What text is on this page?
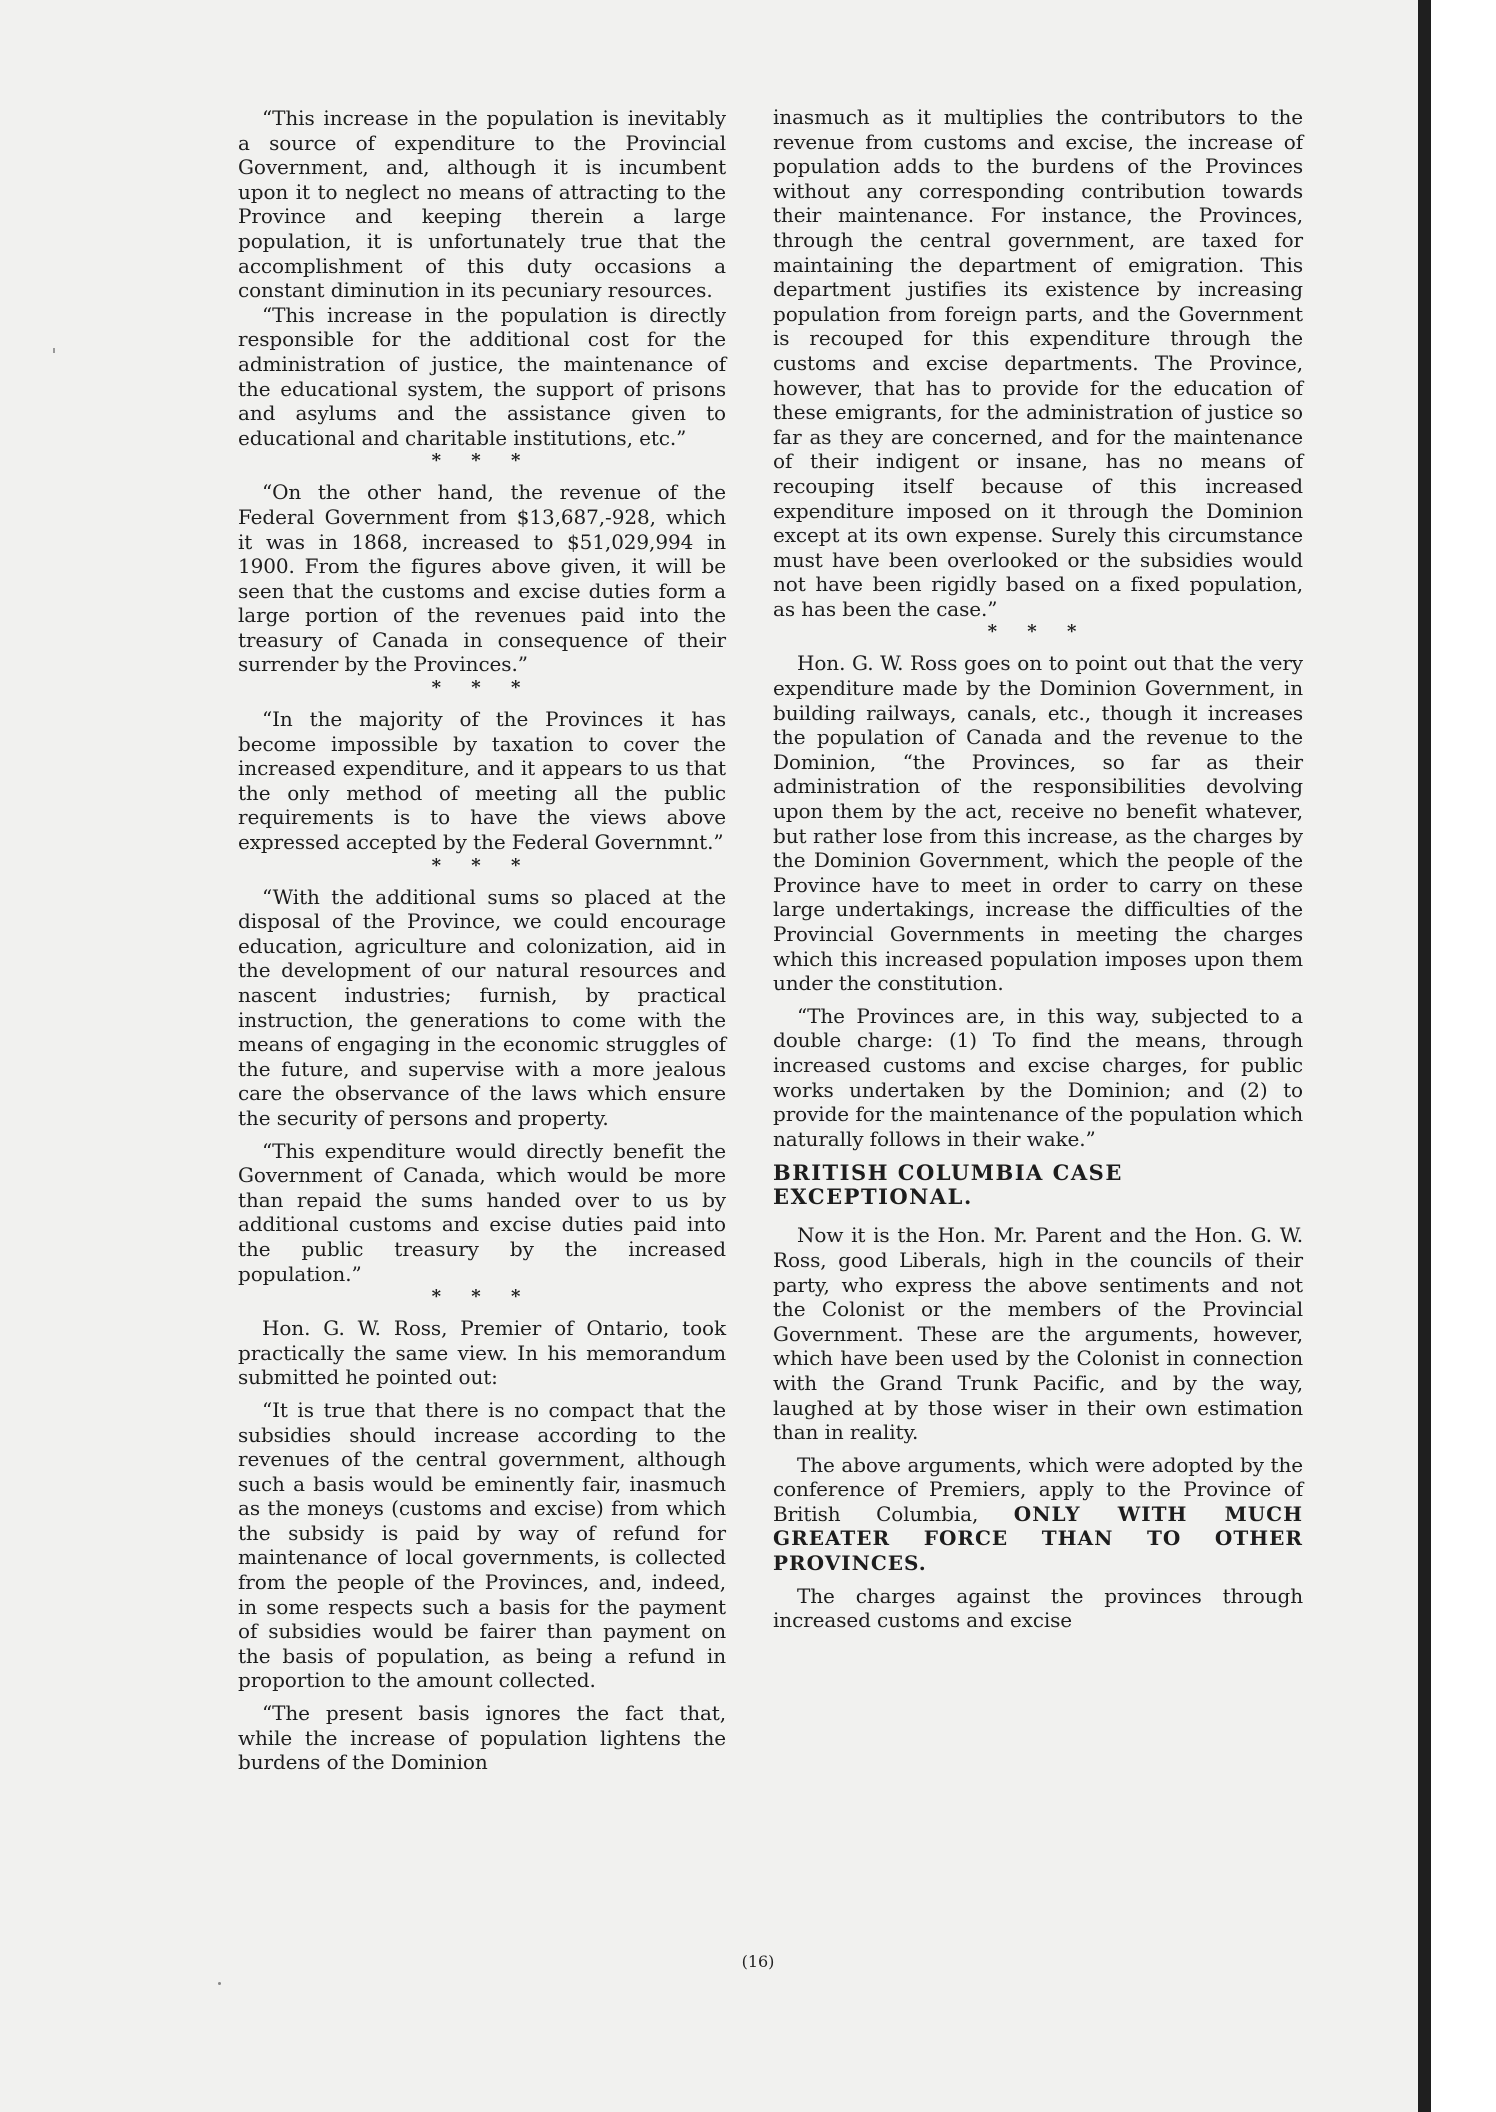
“This increase in the population is inevitably a source of expenditure to the Provincial Government, and, although it is incumbent upon it to neglect no means of attracting to the Province and keeping therein a large population, it is unfortunately true that the accomplishment of this duty occasions a constant diminution in its pecuniary resources.

“This increase in the population is directly responsible for the additional cost for the administration of justice, the maintenance of the educational system, the support of prisons and asylums and the assistance given to educational and charitable institutions, etc.”

* * *

“On the other hand, the revenue of the Federal Government from $13,687,-928, which it was in 1868, increased to $51,029,994 in 1900. From the figures above given, it will be seen that the customs and excise duties form a large portion of the revenues paid into the treasury of Canada in consequence of their surrender by the Provinces.”

* * *

“In the majority of the Provinces it has become impossible by taxation to cover the increased expenditure, and it appears to us that the only method of meeting all the public requirements is to have the views above expressed accepted by the Federal Governmnt.”

* * *

“With the additional sums so placed at the disposal of the Province, we could encourage education, agriculture and colonization, aid in the development of our natural resources and nascent industries; furnish, by practical instruction, the generations to come with the means of engaging in the economic struggles of the future, and supervise with a more jealous care the observance of the laws which ensure the security of persons and property.

“This expenditure would directly benefit the Government of Canada, which would be more than repaid the sums handed over to us by additional customs and excise duties paid into the public treasury by the increased population.”

* * *

Hon. G. W. Ross, Premier of Ontario, took practically the same view. In his memorandum submitted he pointed out:

“It is true that there is no compact that the subsidies should increase according to the revenues of the central government, although such a basis would be eminently fair, inasmuch as the moneys (customs and excise) from which the subsidy is paid by way of refund for maintenance of local governments, is collected from the people of the Provinces, and, indeed, in some respects such a basis for the payment of subsidies would be fairer than payment on the basis of population, as being a refund in proportion to the amount collected.

“The present basis ignores the fact that, while the increase of population lightens the burdens of the Dominion

inasmuch as it multiplies the contributors to the revenue from customs and excise, the increase of population adds to the burdens of the Provinces without any corresponding contribution towards their maintenance. For instance, the Provinces, through the central government, are taxed for maintaining the department of emigration. This department justifies its existence by increasing population from foreign parts, and the Government is recouped for this expenditure through the customs and excise departments. The Province, however, that has to provide for the education of these emigrants, for the administration of justice so far as they are concerned, and for the maintenance of their indigent or insane, has no means of recouping itself because of this increased expenditure imposed on it through the Dominion except at its own expense. Surely this circumstance must have been overlooked or the subsidies would not have been rigidly based on a fixed population, as has been the case.”

* * *

Hon. G. W. Ross goes on to point out that the very expenditure made by the Dominion Government, in building railways, canals, etc., though it increases the population of Canada and the revenue to the Dominion, “the Provinces, so far as their administration of the responsibilities devolving upon them by the act, receive no benefit whatever, but rather lose from this increase, as the charges by the Dominion Government, which the people of the Province have to meet in order to carry on these large undertakings, increase the difficulties of the Provincial Governments in meeting the charges which this increased population imposes upon them under the constitution.

“The Provinces are, in this way, subjected to a double charge: (1) To find the means, through increased customs and excise charges, for public works undertaken by the Dominion; and (2) to provide for the maintenance of the population which naturally follows in their wake.”

BRITISH COLUMBIA CASE EXCEPTIONAL.

Now it is the Hon. Mr. Parent and the Hon. G. W. Ross, good Liberals, high in the councils of their party, who express the above sentiments and not the Colonist or the members of the Provincial Government. These are the arguments, however, which have been used by the Colonist in connection with the Grand Trunk Pacific, and by the way, laughed at by those wiser in their own estimation than in reality.

The above arguments, which were adopted by the conference of Premiers, apply to the Province of British Columbia, ONLY WITH MUCH GREATER FORCE THAN TO OTHER PROVINCES.

The charges against the provinces through increased customs and excise

(16)
